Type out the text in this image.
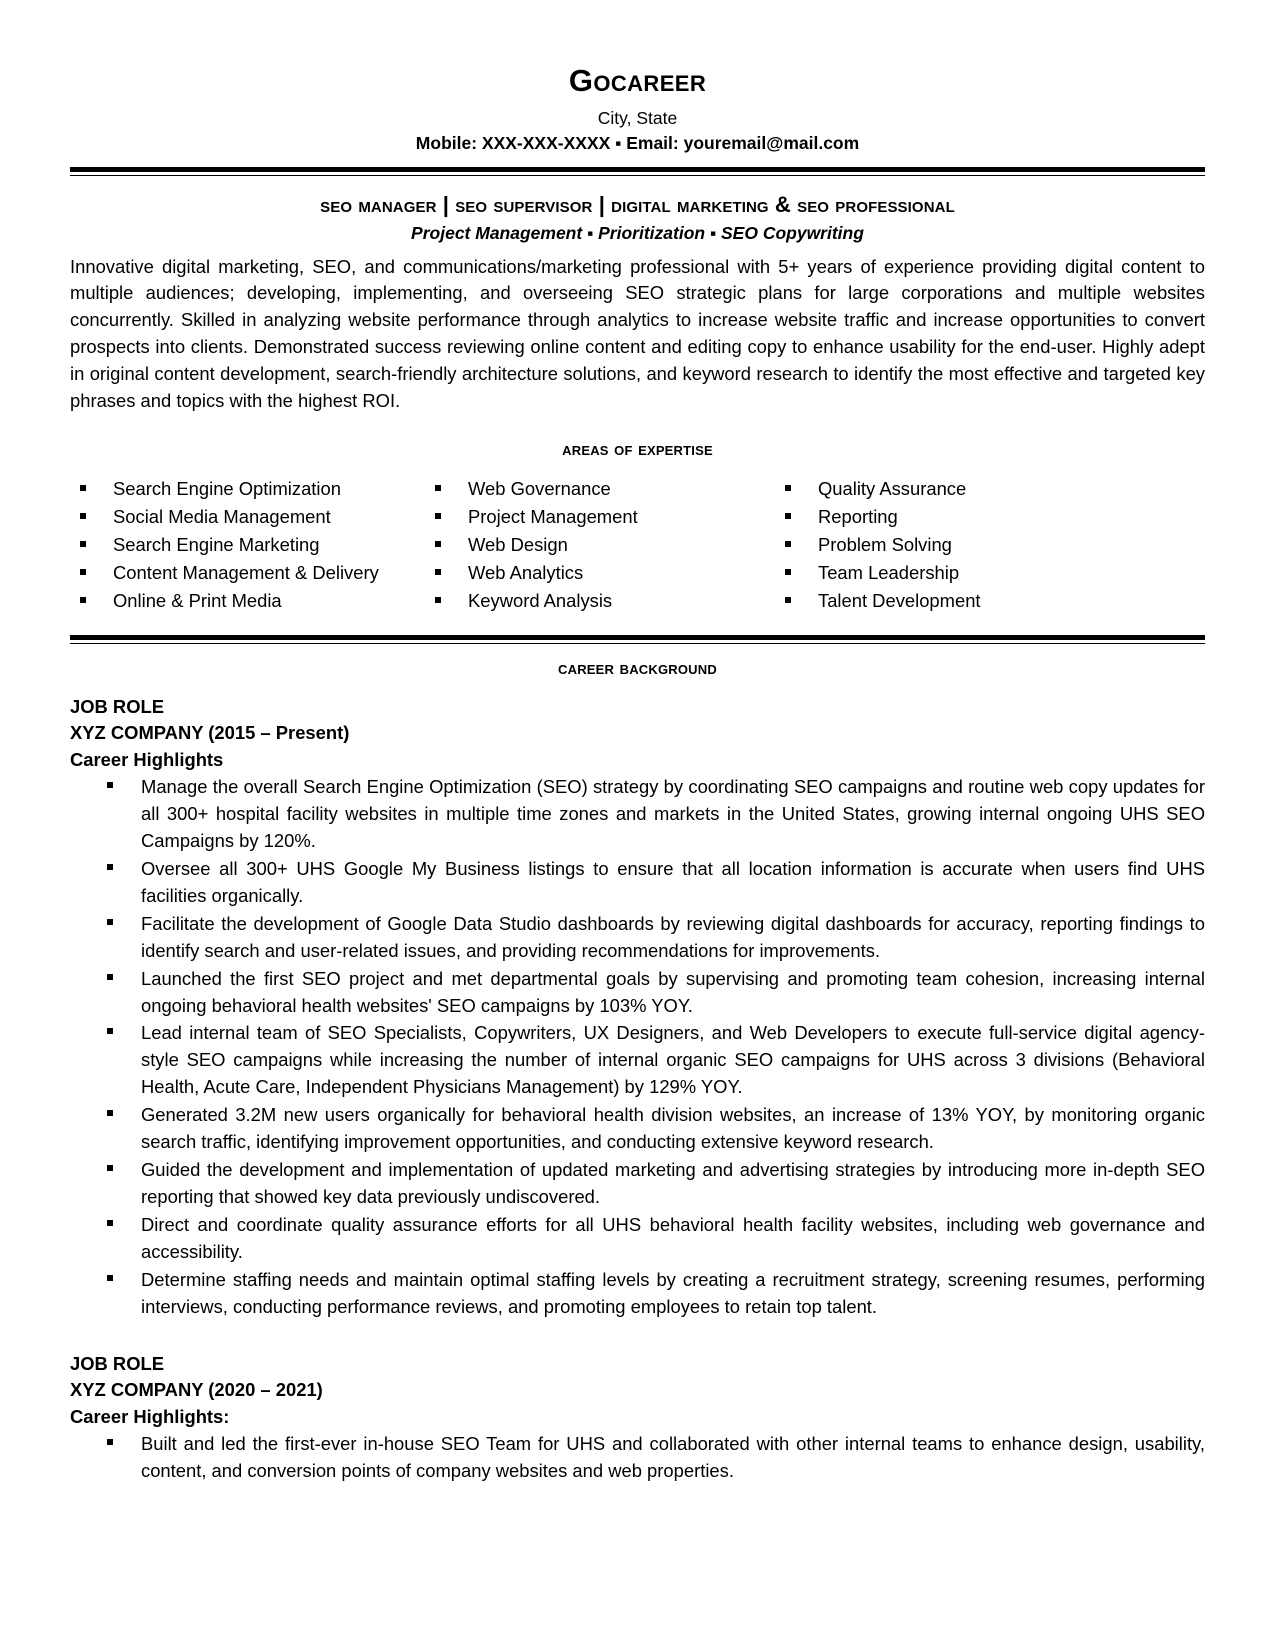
Gocareer
City, State
Mobile: XXX-XXX-XXXX ▪ Email: youremail@mail.com
seo manager | seo supervisor | digital marketing & seo professional
Project Management ▪ Prioritization ▪ SEO Copywriting
Innovative digital marketing, SEO, and communications/marketing professional with 5+ years of experience providing digital content to multiple audiences; developing, implementing, and overseeing SEO strategic plans for large corporations and multiple websites concurrently. Skilled in analyzing website performance through analytics to increase website traffic and increase opportunities to convert prospects into clients. Demonstrated success reviewing online content and editing copy to enhance usability for the end-user. Highly adept in original content development, search-friendly architecture solutions, and keyword research to identify the most effective and targeted key phrases and topics with the highest ROI.
areas of expertise
Search Engine Optimization	Web Governance	Quality Assurance
Social Media Management	Project Management	Reporting
Search Engine Marketing	Web Design	Problem Solving
Content Management & Delivery	Web Analytics	Team Leadership
Online & Print Media	Keyword Analysis	Talent Development
career background
JOB ROLE
XYZ COMPANY (2015 – Present)
Career Highlights
Manage the overall Search Engine Optimization (SEO) strategy by coordinating SEO campaigns and routine web copy updates for all 300+ hospital facility websites in multiple time zones and markets in the United States, growing internal ongoing UHS SEO Campaigns by 120%.
Oversee all 300+ UHS Google My Business listings to ensure that all location information is accurate when users find UHS facilities organically.
Facilitate the development of Google Data Studio dashboards by reviewing digital dashboards for accuracy, reporting findings to identify search and user-related issues, and providing recommendations for improvements.
Launched the first SEO project and met departmental goals by supervising and promoting team cohesion, increasing internal ongoing behavioral health websites' SEO campaigns by 103% YOY.
Lead internal team of SEO Specialists, Copywriters, UX Designers, and Web Developers to execute full-service digital agency-style SEO campaigns while increasing the number of internal organic SEO campaigns for UHS across 3 divisions (Behavioral Health, Acute Care, Independent Physicians Management) by 129% YOY.
Generated 3.2M new users organically for behavioral health division websites, an increase of 13% YOY, by monitoring organic search traffic, identifying improvement opportunities, and conducting extensive keyword research.
Guided the development and implementation of updated marketing and advertising strategies by introducing more in-depth SEO reporting that showed key data previously undiscovered.
Direct and coordinate quality assurance efforts for all UHS behavioral health facility websites, including web governance and accessibility.
Determine staffing needs and maintain optimal staffing levels by creating a recruitment strategy, screening resumes, performing interviews, conducting performance reviews, and promoting employees to retain top talent.
JOB ROLE
XYZ COMPANY (2020 – 2021)
Career Highlights:
Built and led the first-ever in-house SEO Team for UHS and collaborated with other internal teams to enhance design, usability, content, and conversion points of company websites and web properties.
